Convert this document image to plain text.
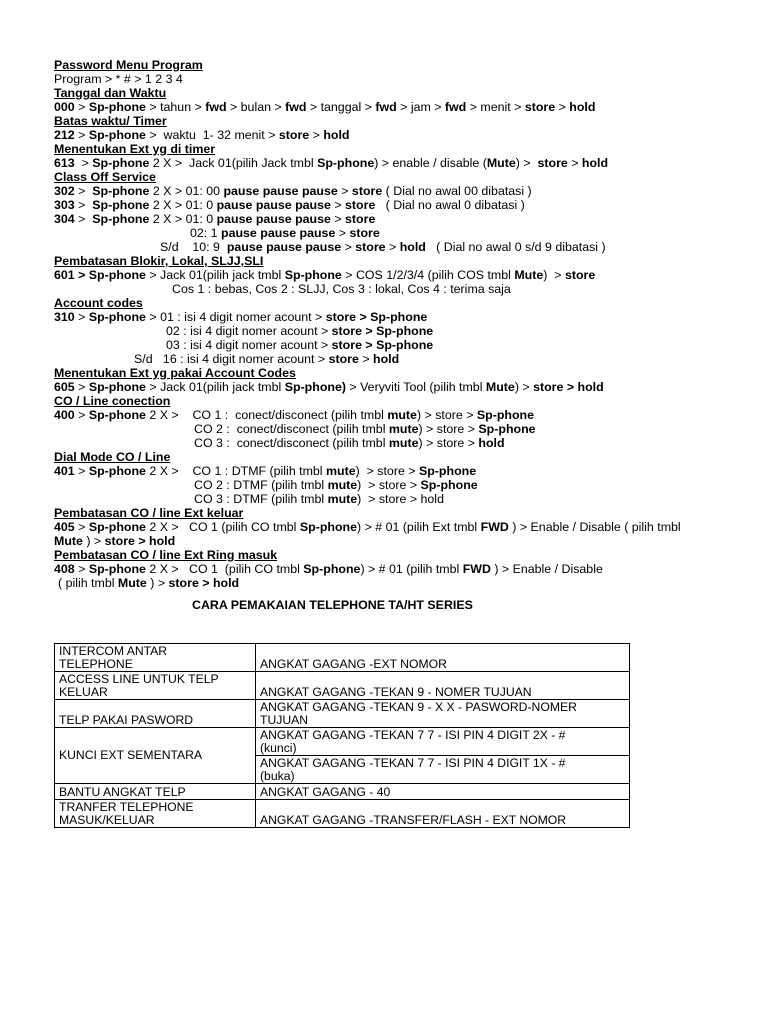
Password Menu Program
Program > * # > 1 2 3 4
Tanggal dan Waktu
000 > Sp-phone > tahun > fwd > bulan > fwd > tanggal > fwd > jam > fwd > menit > store > hold
Batas waktu/ Timer
212 > Sp-phone >  waktu  1- 32 menit > store > hold
Menentukan Ext yg di timer
613  > Sp-phone 2 X >  Jack 01(pilih Jack tmbl Sp-phone) > enable / disable (Mute) >  store > hold
Class Off Service
302 >  Sp-phone 2 X > 01: 00 pause pause pause > store ( Dial no awal 00 dibatasi )
303 >  Sp-phone 2 X > 01: 0 pause pause pause > store   ( Dial no awal 0 dibatasi )
304 >  Sp-phone 2 X > 01: 0 pause pause pause > store
02: 1 pause pause pause > store
S/d    10: 9  pause pause pause > store > hold   ( Dial no awal 0 s/d 9 dibatasi )
Pembatasan Blokir, Lokal, SLJJ,SLI
601 > Sp-phone > Jack 01(pilih jack tmbl Sp-phone > COS 1/2/3/4 (pilih COS tmbl Mute)  > store
Cos 1 : bebas, Cos 2 : SLJJ, Cos 3 : lokal, Cos 4 : terima saja
Account codes
310 > Sp-phone > 01 : isi 4 digit nomer acount > store > Sp-phone
02 : isi 4 digit nomer acount > store > Sp-phone
03 : isi 4 digit nomer acount > store > Sp-phone
S/d   16 : isi 4 digit nomer acount > store > hold
Menentukan Ext yg pakai Account Codes
605 > Sp-phone > Jack 01(pilih jack tmbl Sp-phone) > Veryviti Tool (pilih tmbl Mute) > store > hold
CO / Line conection
400 > Sp-phone 2 X >    CO 1 :  conect/disconect (pilih tmbl mute) > store > Sp-phone
CO 2 :  conect/disconect (pilih tmbl mute) > store > Sp-phone
CO 3 :  conect/disconect (pilih tmbl mute) > store > hold
Dial Mode CO / Line
401 > Sp-phone 2 X >    CO 1 : DTMF (pilih tmbl mute)  > store > Sp-phone
CO 2 : DTMF (pilih tmbl mute)  > store > Sp-phone
CO 3 : DTMF (pilih tmbl mute)  > store > hold
Pembatasan CO / line Ext keluar
405 > Sp-phone 2 X >   CO 1 (pilih CO tmbl Sp-phone) > # 01 (pilih Ext tmbl FWD ) > Enable / Disable ( pilih tmbl
Mute ) > store > hold
Pembatasan CO / line Ext Ring masuk
408 > Sp-phone 2 X >   CO 1  (pilih CO tmbl Sp-phone) > # 01 (pilih tmbl FWD ) > Enable / Disable
( pilih tmbl Mute ) > store > hold
CARA PEMAKAIAN TELEPHONE TA/HT SERIES
INTERCOM ANTAR
TELEPHONE	ANGKAT GAGANG -EXT NOMOR
ACCESS LINE UNTUK TELP
KELUAR	ANGKAT GAGANG -TEKAN 9 - NOMER TUJUAN
TELP PAKAI PASWORD	ANGKAT GAGANG -TEKAN 9 - X X - PASWORD-NOMER
TUJUAN
KUNCI EXT SEMENTARA	ANGKAT GAGANG -TEKAN 7 7 - ISI PIN 4 DIGIT 2X - #
(kunci)
	ANGKAT GAGANG -TEKAN 7 7 - ISI PIN 4 DIGIT 1X - #
(buka)
BANTU ANGKAT TELP	ANGKAT GAGANG - 40
TRANFER TELEPHONE
MASUK/KELUAR	ANGKAT GAGANG -TRANSFER/FLASH - EXT NOMOR
